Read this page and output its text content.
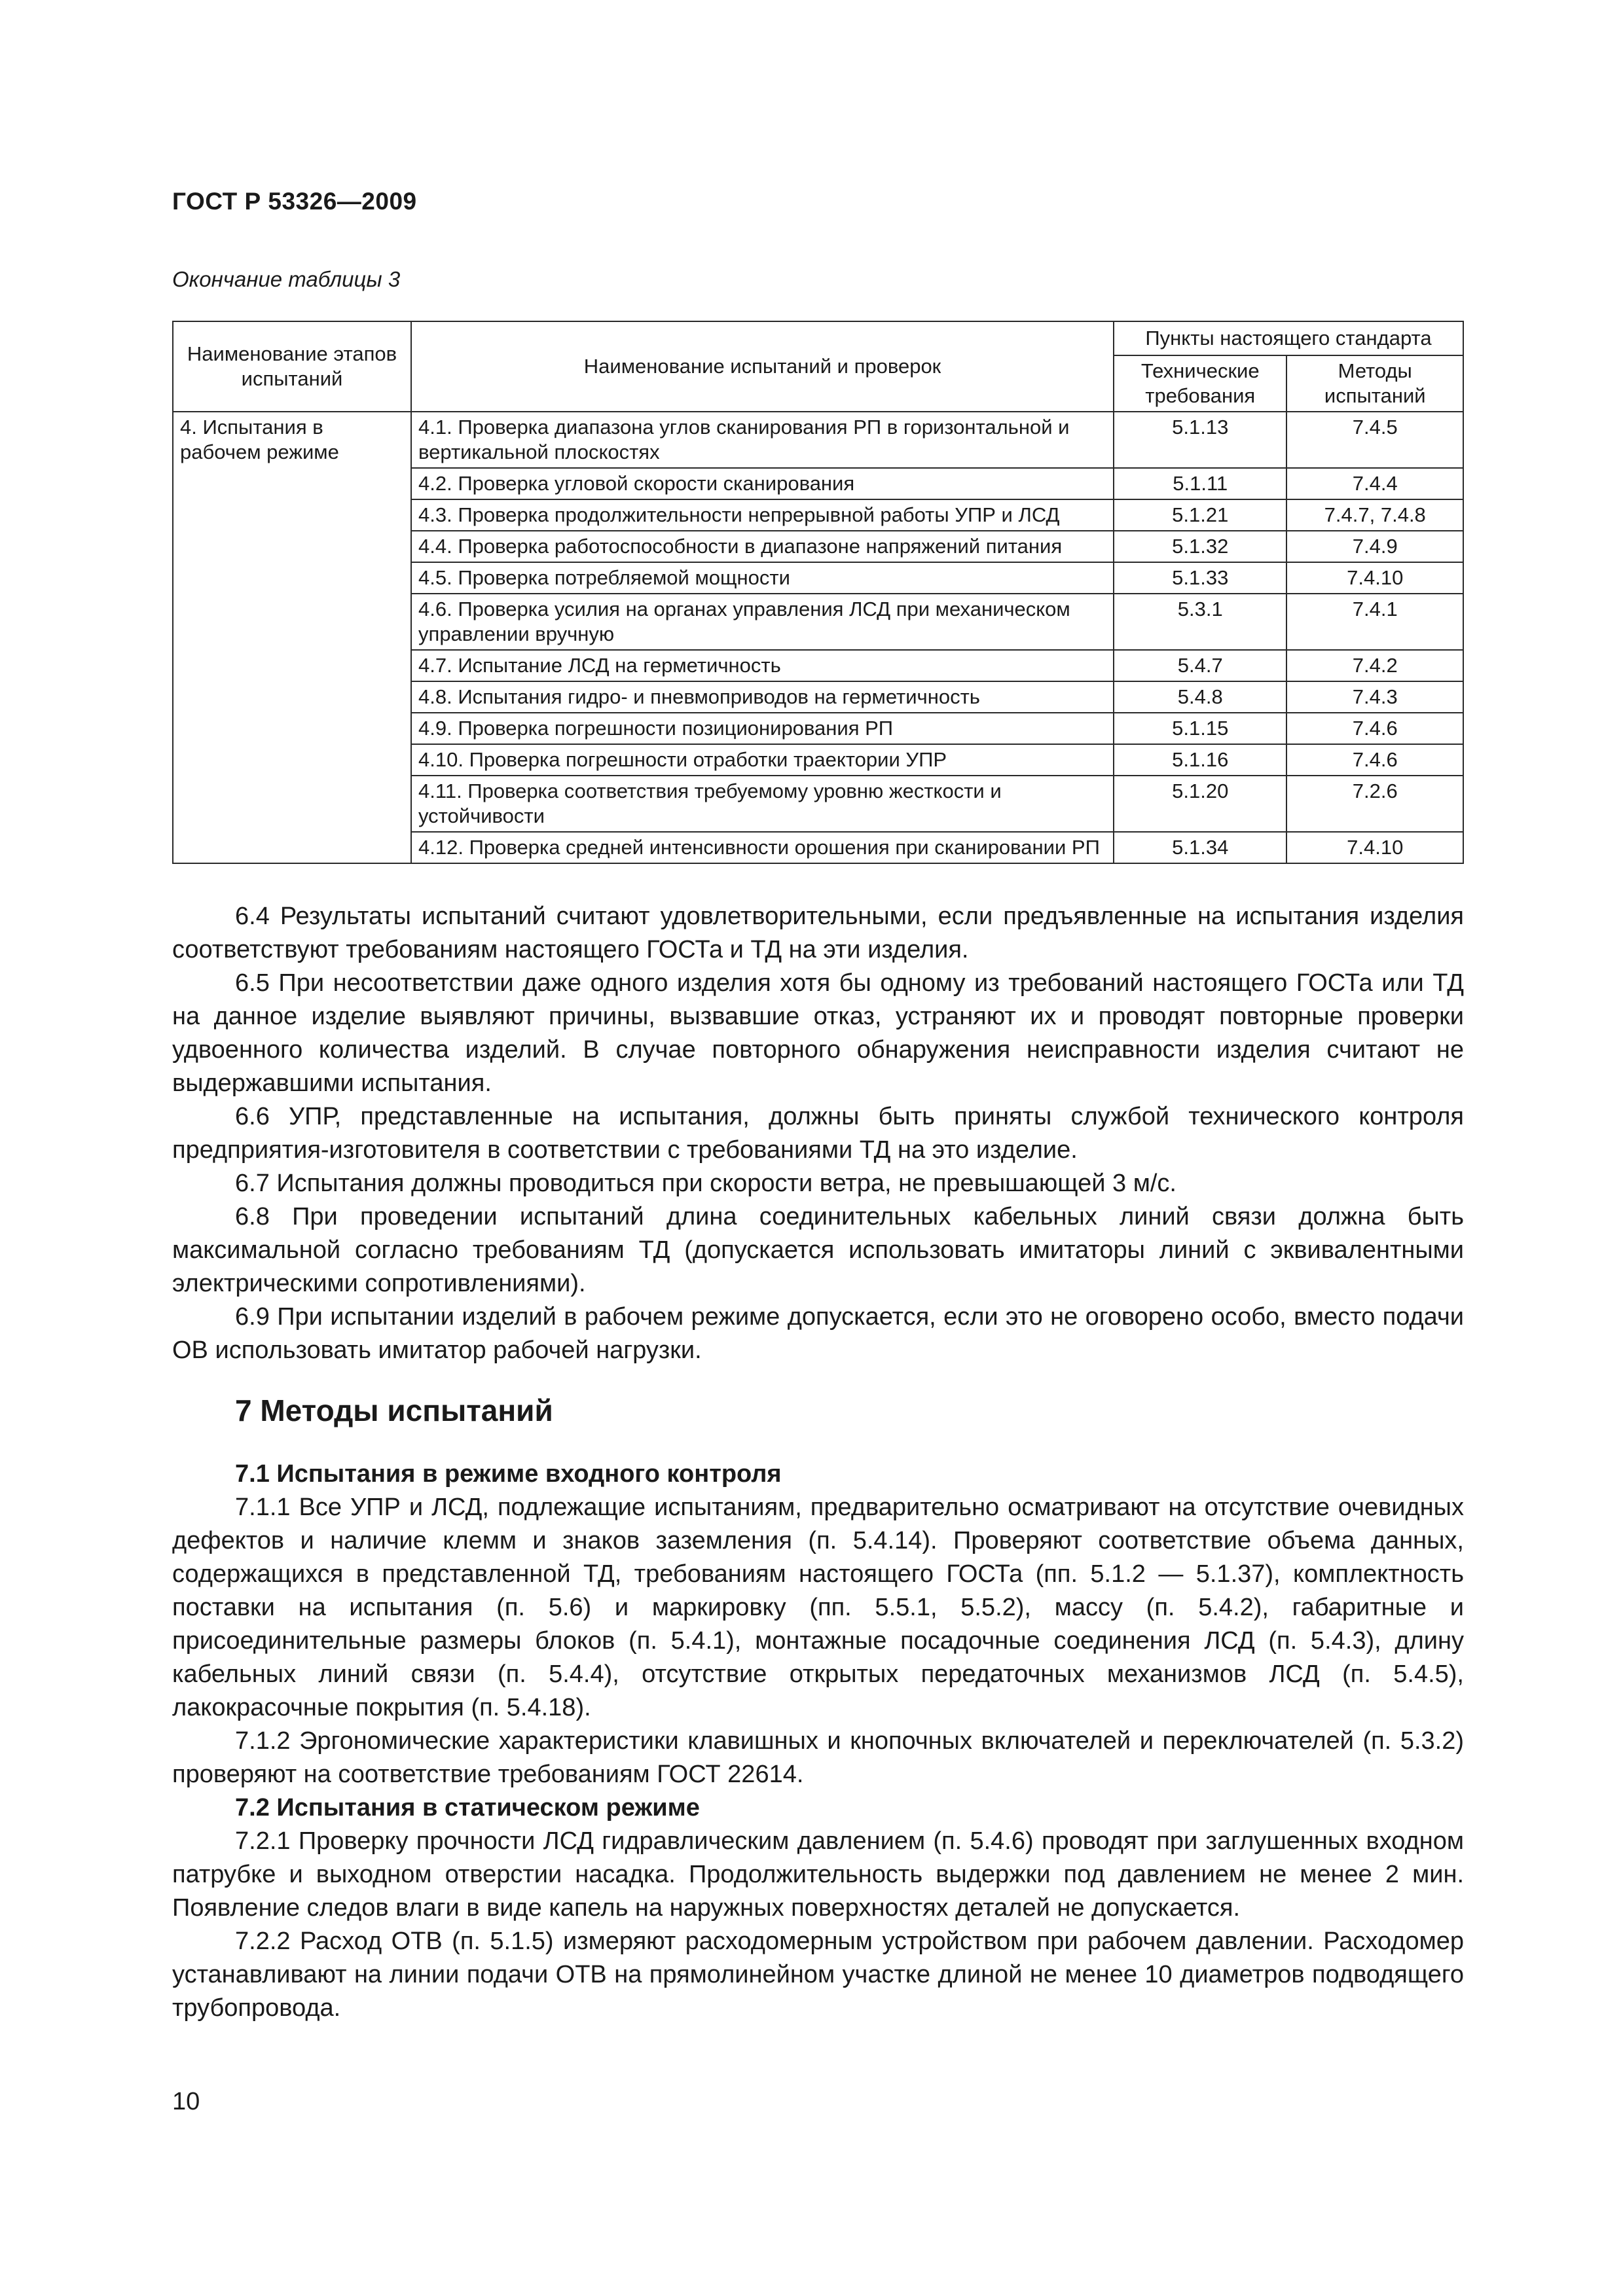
ГОСТ Р 53326—2009
Окончание таблицы 3
Наименование этапов испытаний	Наименование испытаний и проверок	Пункты настоящего стандарта	
		Технические требования	Методы испытаний
4. Испытания в рабочем режиме	4.1. Проверка диапазона углов сканирования РП в горизонтальной и вертикальной плоскостях	5.1.13	7.4.5
	4.2. Проверка угловой скорости сканирования	5.1.11	7.4.4
	4.3. Проверка продолжительности непрерывной работы УПР и ЛСД	5.1.21	7.4.7, 7.4.8
	4.4. Проверка работоспособности в диапазоне напряжений питания	5.1.32	7.4.9
	4.5. Проверка потребляемой мощности	5.1.33	7.4.10
	4.6. Проверка усилия на органах управления ЛСД при механическом управлении вручную	5.3.1	7.4.1
	4.7. Испытание ЛСД на герметичность	5.4.7	7.4.2
	4.8. Испытания гидро- и пневмоприводов на герметичность	5.4.8	7.4.3
	4.9. Проверка погрешности позиционирования РП	5.1.15	7.4.6
	4.10. Проверка погрешности отработки траектории УПР	5.1.16	7.4.6
	4.11. Проверка соответствия требуемому уровню жесткости и устойчивости	5.1.20	7.2.6
	4.12. Проверка средней интенсивности орошения при сканировании РП	5.1.34	7.4.10

6.4 Результаты испытаний считают удовлетворительными, если предъявленные на испытания изделия соответствуют требованиям настоящего ГОСТа и ТД на эти изделия.

6.5 При несоответствии даже одного изделия хотя бы одному из требований настоящего ГОСТа или ТД на данное изделие выявляют причины, вызвавшие отказ, устраняют их и проводят повторные проверки удвоенного количества изделий. В случае повторного обнаружения неисправности изделия считают не выдержавшими испытания.

6.6 УПР, представленные на испытания, должны быть приняты службой технического контроля предприятия-изготовителя в соответствии с требованиями ТД на это изделие.

6.7 Испытания должны проводиться при скорости ветра, не превышающей 3 м/с.

6.8 При проведении испытаний длина соединительных кабельных линий связи должна быть максимальной согласно требованиям ТД (допускается использовать имитаторы линий с эквивалентными электрическими сопротивлениями).

6.9 При испытании изделий в рабочем режиме допускается, если это не оговорено особо, вместо подачи ОВ использовать имитатор рабочей нагрузки.

7 Методы испытаний
7.1 Испытания в режиме входного контроля

7.1.1 Все УПР и ЛСД, подлежащие испытаниям, предварительно осматривают на отсутствие очевидных дефектов и наличие клемм и знаков заземления (п. 5.4.14). Проверяют соответствие объема данных, содержащихся в представленной ТД, требованиям настоящего ГОСТа (пп. 5.1.2 — 5.1.37), комплектность поставки на испытания (п. 5.6) и маркировку (пп. 5.5.1, 5.5.2), массу (п. 5.4.2), габаритные и присоединительные размеры блоков (п. 5.4.1), монтажные посадочные соединения ЛСД (п. 5.4.3), длину кабельных линий связи (п. 5.4.4), отсутствие открытых передаточных механизмов ЛСД (п. 5.4.5), лакокрасочные покрытия (п. 5.4.18).

7.1.2 Эргономические характеристики клавишных и кнопочных включателей и переключателей (п. 5.3.2) проверяют на соответствие требованиям ГОСТ 22614.

7.2 Испытания в статическом режиме

7.2.1 Проверку прочности ЛСД гидравлическим давлением (п. 5.4.6) проводят при заглушенных входном патрубке и выходном отверстии насадка. Продолжительность выдержки под давлением не менее 2 мин. Появление следов влаги в виде капель на наружных поверхностях деталей не допускается.

7.2.2 Расход ОТВ (п. 5.1.5) измеряют расходомерным устройством при рабочем давлении. Расходомер устанавливают на линии подачи ОТВ на прямолинейном участке длиной не менее 10 диаметров подводящего трубопровода.

10
